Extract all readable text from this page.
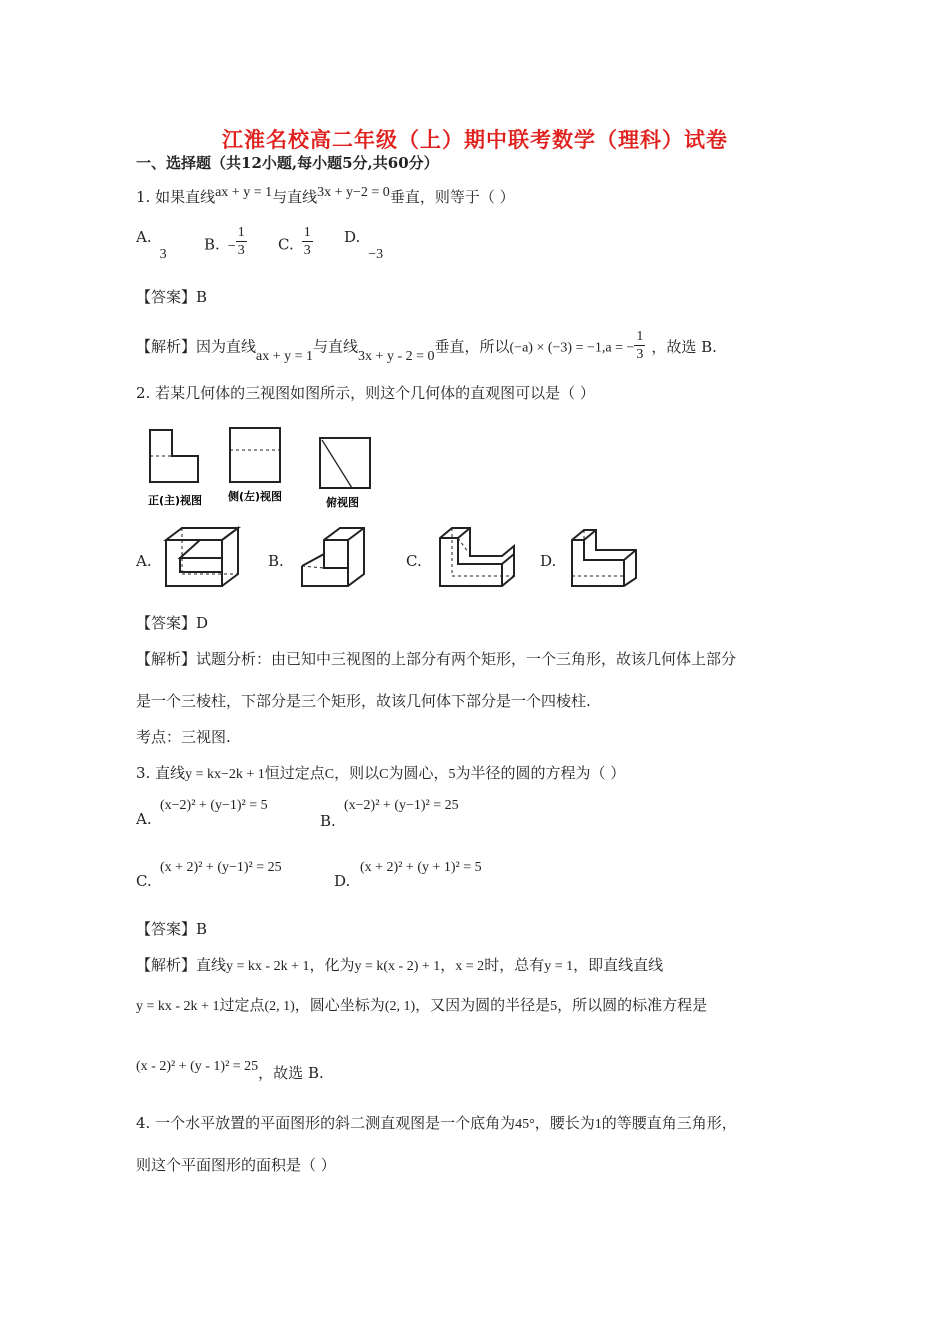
江淮名校高二年级（上）期中联考数学（理科）试卷
一、选择题（共12小题,每小题5分,共60分）
1. 如果直线ax + y = 1与直线3x + y−2 = 0垂直，则等于（ ）
A.3
B. − $\frac{1}{3} C$. $\frac{1}{3} D.-3$
【答案】B
【解析】因为直线ax + y = 1与直线3x + y - 2 = 0垂直，所以(−a) × (−3) = −1,a = − $\frac{1}{3}$ ，故选 B.
2. 若某几何体的三视图如图所示，则这个几何体的直观图可以是（ ）
正(主)视图 侧(左)视图	俯视图
A.	B.	C.	D.
【答案】D
【解析】试题分析：由已知中三视图的上部分有两个矩形，一个三角形，故该几何体上部分
是一个三棱柱，下部分是三个矩形，故该几何体下部分是一个四棱柱.
考点：三视图.
3. 直线y = kx−2k + 1恒过定点C，则以C为圆心，5为半径的圆的方程为（ ）
A.
(x−2)² + (y−1)² = 5
B.
(x−2)² + (y−1)² = 25
C.
(x + 2)² + (y−1)² = 25
D.
(x + 2)² + (y + 1)² = 5
【答案】B
【解析】直线y = kx - 2k + 1，化为y = k(x - 2) + 1，x = 2时，总有y = 1，即直线直线
y = kx - 2k + 1过定点(2, 1)，圆心坐标为(2, 1)，又因为圆的半径是5，所以圆的标准方程是
(x - 2)² + (y - 1)² = 25，故选 B.
4. 一个水平放置的平面图形的斜二测直观图是一个底角为45°，腰长为1的等腰直角三角形，
则这个平面图形的面积是（ ）
